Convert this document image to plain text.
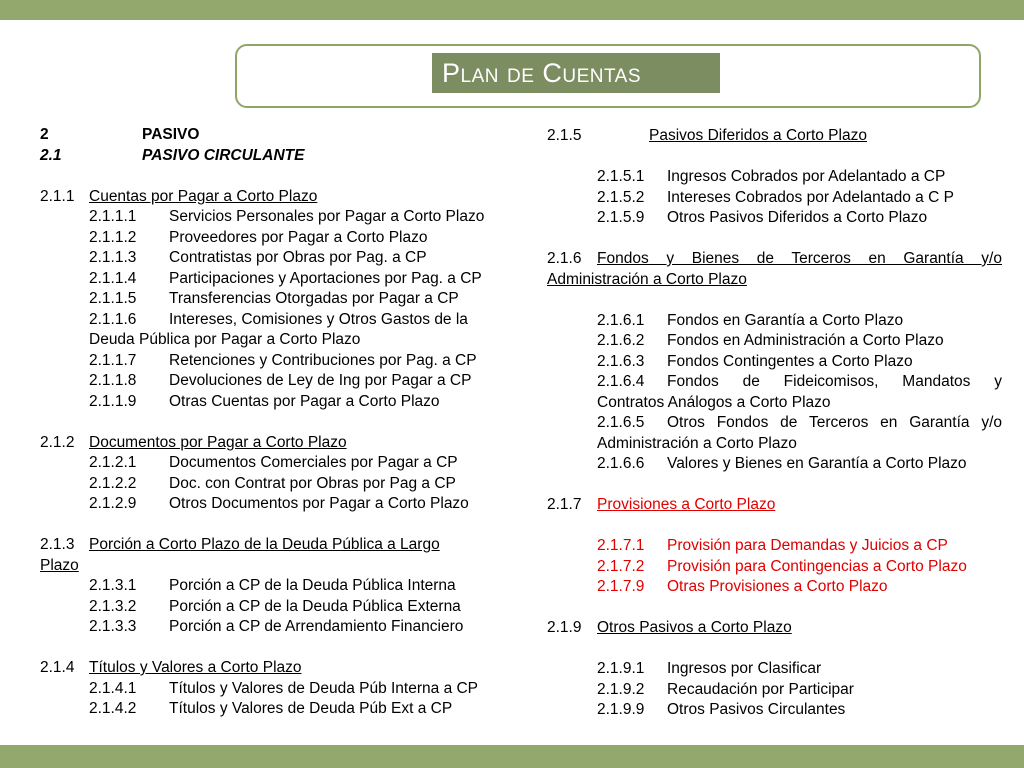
Plan de Cuentas
2	PASIVO
2.1	PASIVO CIRCULANTE
2.1.1 Cuentas por Pagar a Corto Plazo
2.1.1.1 Servicios Personales por Pagar a Corto Plazo
2.1.1.2 Proveedores por Pagar a Corto Plazo
2.1.1.3 Contratistas por Obras por Pag. a CP
2.1.1.4 Participaciones y Aportaciones por Pag. a CP
2.1.1.5 Transferencias Otorgadas por Pagar a CP
2.1.1.6 Intereses, Comisiones y Otros Gastos de la
Deuda Pública por Pagar a Corto Plazo
2.1.1.7 Retenciones y Contribuciones por Pag. a CP
2.1.1.8 Devoluciones de Ley de Ing por Pagar a CP
2.1.1.9 Otras Cuentas por Pagar a Corto Plazo
2.1.2 Documentos por Pagar a Corto Plazo
2.1.2.1 Documentos Comerciales por Pagar a CP
2.1.2.2 Doc. con Contrat por Obras por Pag a CP
2.1.2.9 Otros Documentos por Pagar a Corto Plazo
2.1.3 Porción a Corto Plazo de la Deuda Pública a Largo
Plazo
2.1.3.1 Porción a CP de la Deuda Pública Interna
2.1.3.2 Porción a CP de la Deuda Pública Externa
2.1.3.3 Porción a CP de Arrendamiento Financiero
2.1.4 Títulos y Valores a Corto Plazo
2.1.4.1 Títulos y Valores de Deuda Púb Interna a CP
2.1.4.2 Títulos y Valores de Deuda Púb Ext a CP
2.1.5	Pasivos Diferidos a Corto Plazo
2.1.5.1 Ingresos Cobrados por Adelantado a CP
2.1.5.2 Intereses Cobrados por Adelantado a C P
2.1.5.9 Otros Pasivos Diferidos a Corto Plazo
2.1.6 Fondos y Bienes de Terceros en Garantía y/o
Administración a Corto Plazo
2.1.6.1 Fondos en Garantía a Corto Plazo
2.1.6.2 Fondos en Administración a Corto Plazo
2.1.6.3 Fondos Contingentes a Corto Plazo
2.1.6.4 Fondos de Fideicomisos, Mandatos y
Contratos Análogos a Corto Plazo
2.1.6.5 Otros Fondos de Terceros en Garantía y/o
Administración a Corto Plazo
2.1.6.6 Valores y Bienes en Garantía a Corto Plazo
2.1.7 Provisiones a Corto Plazo
2.1.7.1 Provisión para Demandas y Juicios a CP
2.1.7.2 Provisión para Contingencias a Corto Plazo
2.1.7.9 Otras Provisiones a Corto Plazo
2.1.9 Otros Pasivos a Corto Plazo
2.1.9.1 Ingresos por Clasificar
2.1.9.2 Recaudación por Participar
2.1.9.9 Otros Pasivos Circulantes
